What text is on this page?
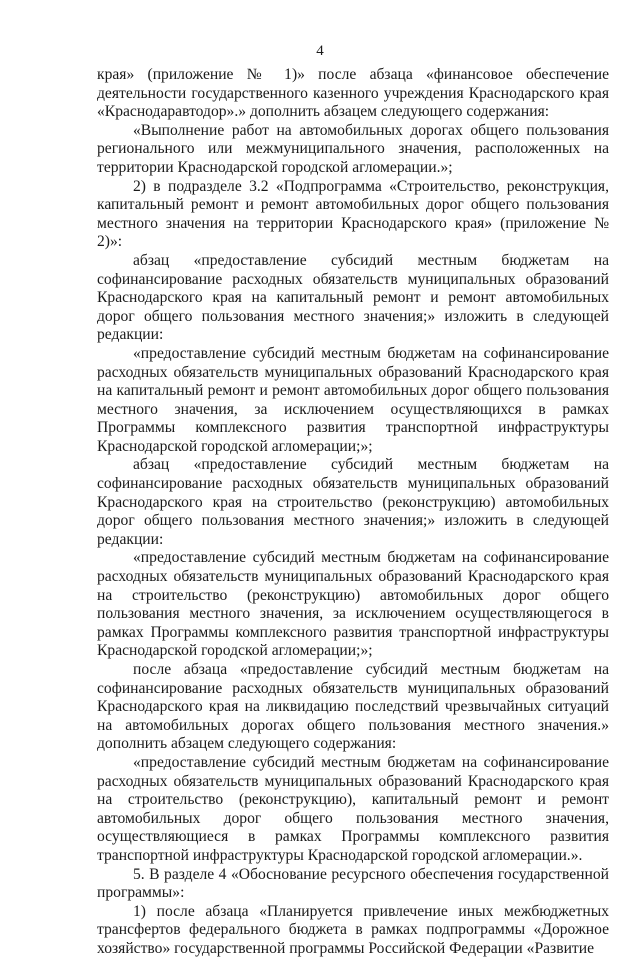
4

края» (приложение № 1)» после абзаца «финансовое обеспечение деятельности государственного казенного учреждения Краснодарского края «Краснодаравтодор».» дополнить абзацем следующего содержания:

«Выполнение работ на автомобильных дорогах общего пользования регионального или межмуниципального значения, расположенных на территории Краснодарской городской агломерации.»;

2) в подразделе 3.2 «Подпрограмма «Строительство, реконструкция, капитальный ремонт и ремонт автомобильных дорог общего пользования местного значения на территории Краснодарского края» (приложение № 2)»:

абзац «предоставление субсидий местным бюджетам на софинансирование расходных обязательств муниципальных образований Краснодарского края на капитальный ремонт и ремонт автомобильных дорог общего пользования местного значения;» изложить в следующей редакции:

«предоставление субсидий местным бюджетам на софинансирование расходных обязательств муниципальных образований Краснодарского края на капитальный ремонт и ремонт автомобильных дорог общего пользования местного значения, за исключением осуществляющихся в рамках Программы комплексного развития транспортной инфраструктуры Краснодарской городской агломерации;»;

абзац «предоставление субсидий местным бюджетам на софинансирование расходных обязательств муниципальных образований Краснодарского края на строительство (реконструкцию) автомобильных дорог общего пользования местного значения;» изложить в следующей редакции:

«предоставление субсидий местным бюджетам на софинансирование расходных обязательств муниципальных образований Краснодарского края на строительство (реконструкцию) автомобильных дорог общего пользования местного значения, за исключением осуществляющегося в рамках Программы комплексного развития транспортной инфраструктуры Краснодарской городской агломерации;»;

после абзаца «предоставление субсидий местным бюджетам на софинансирование расходных обязательств муниципальных образований Краснодарского края на ликвидацию последствий чрезвычайных ситуаций на автомобильных дорогах общего пользования местного значения.» дополнить абзацем следующего содержания:

«предоставление субсидий местным бюджетам на софинансирование расходных обязательств муниципальных образований Краснодарского края на строительство (реконструкцию), капитальный ремонт и ремонт автомобильных дорог общего пользования местного значения, осуществляющиеся в рамках Программы комплексного развития транспортной инфраструктуры Краснодарской городской агломерации.».

5. В разделе 4 «Обоснование ресурсного обеспечения государственной программы»:

1) после абзаца «Планируется привлечение иных межбюджетных трансфертов федерального бюджета в рамках подпрограммы «Дорожное хозяйство» государственной программы Российской Федерации «Развитие
